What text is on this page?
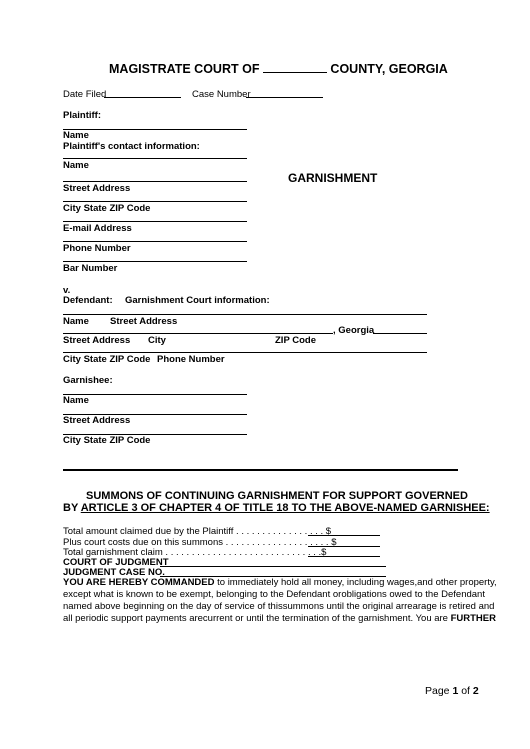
MAGISTRATE COURT OF	COUNTY, GEORGIA
Date Filed	Case Number
Plaintiff:
Name
Plaintiff's contact information:
Name
Street Address
City State ZIP Code
E-mail Address
Phone Number
Bar Number
GARNISHMENT
v.
Defendant: Garnishment Court information:
Name Street Address
, Georgia
Street Address City	ZIP Code
City State ZIP Code Phone Number
Garnishee:
Name
Street Address
City State ZIP Code
SUMMONS OF CONTINUING GARNISHMENT FOR SUPPORT GOVERNED
BY ARTICLE 3 OF CHAPTER 4 OF TITLE 18 TO THE ABOVE-NAMED GARNISHEE:
Total amount claimed due by the Plaintiff . . . . . . . . . . . . . . . . . $
Plus court costs due on this summons . . . . . . . . . . . . . . . . . . . . $
Total garnishment claim . . . . . . . . . . . . . . . . . . . . . . . . . . . . . .$
COURT OF JUDGMENT
JUDGMENT CASE NO.
YOU ARE HEREBY COMMANDED to immediately hold all money, including wages,and other property,
except what is known to be exempt, belonging to the Defendant orobligations owed to the Defendant
named above beginning on the day of service of thissummons until the original arrearage is retired and
all periodic support payments arecurrent or until the termination of the garnishment. You are FURTHER
Page 1 of 2
